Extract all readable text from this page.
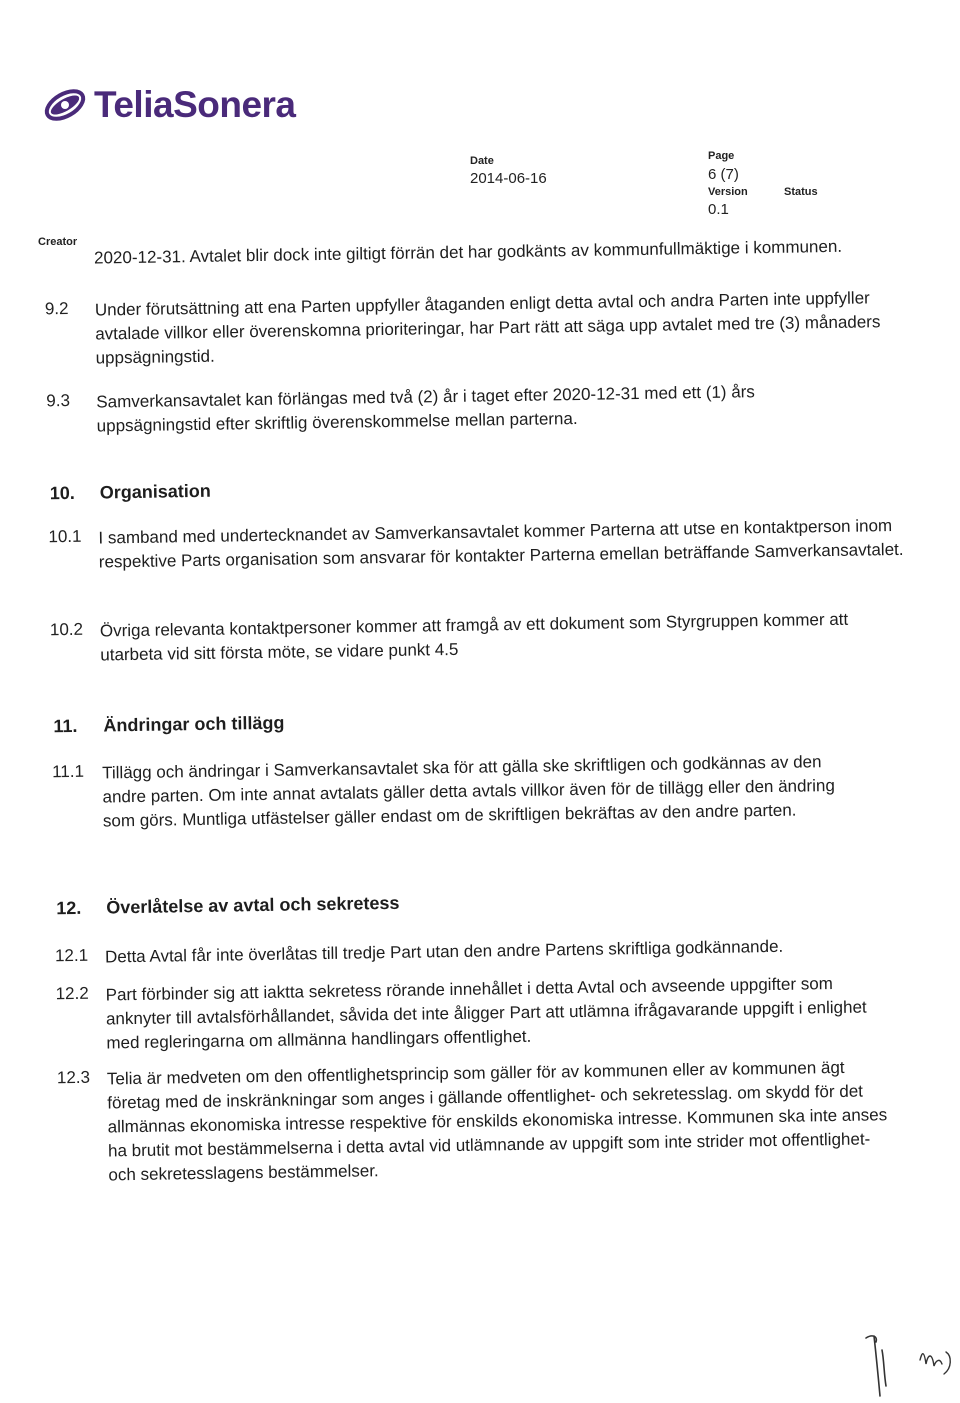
TeliaSonera
Date
2014-06-16
Page
6 (7)
Version	Status
0.1
Creator 2020-12-31. Avtalet blir dock inte giltigt förrän det har godkänts av kommunfullmäktige i kommunen.
9.2 Under förutsättning att ena Parten uppfyller åtaganden enligt detta avtal och andra Parten inte uppfyller avtalade villkor eller överenskomna prioriteringar, har Part rätt att säga upp avtalet med tre (3) månaders uppsägningstid.
9.3 Samverkansavtalet kan förlängas med två (2) år i taget efter 2020-12-31 med ett (1) års uppsägningstid efter skriftlig överenskommelse mellan parterna.
10. Organisation
10.1 I samband med undertecknandet av Samverkansavtalet kommer Parterna att utse en kontaktperson inom respektive Parts organisation som ansvarar för kontakter Parterna emellan beträffande Samverkansavtalet.
10.2 Övriga relevanta kontaktpersoner kommer att framgå av ett dokument som Styrgruppen kommer att utarbeta vid sitt första möte, se vidare punkt 4.5
11. Ändringar och tillägg
11.1 Tillägg och ändringar i Samverkansavtalet ska för att gälla ske skriftligen och godkännas av den andre parten. Om inte annat avtalats gäller detta avtals villkor även för de tillägg eller den ändring som görs. Muntliga utfästelser gäller endast om de skriftligen bekräftas av den andre parten.
12. Överlåtelse av avtal och sekretess
12.1 Detta Avtal får inte överlåtas till tredje Part utan den andre Partens skriftliga godkännande.
12.2 Part förbinder sig att iaktta sekretess rörande innehållet i detta Avtal och avseende uppgifter som anknyter till avtalsförhållandet, såvida det inte åligger Part att utlämna ifrågavarande uppgift i enlighet med regleringarna om allmänna handlingars offentlighet.
12.3 Telia är medveten om den offentlighetsprincip som gäller för av kommunen eller av kommunen ägt företag med de inskränkningar som anges i gällande offentlighet- och sekretesslag. om skydd för det allmännas ekonomiska intresse respektive för enskilds ekonomiska intresse. Kommunen ska inte anses ha brutit mot bestämmelserna i detta avtal vid utlämnande av uppgift som inte strider mot offentlighet- och sekretesslagens bestämmelser.
